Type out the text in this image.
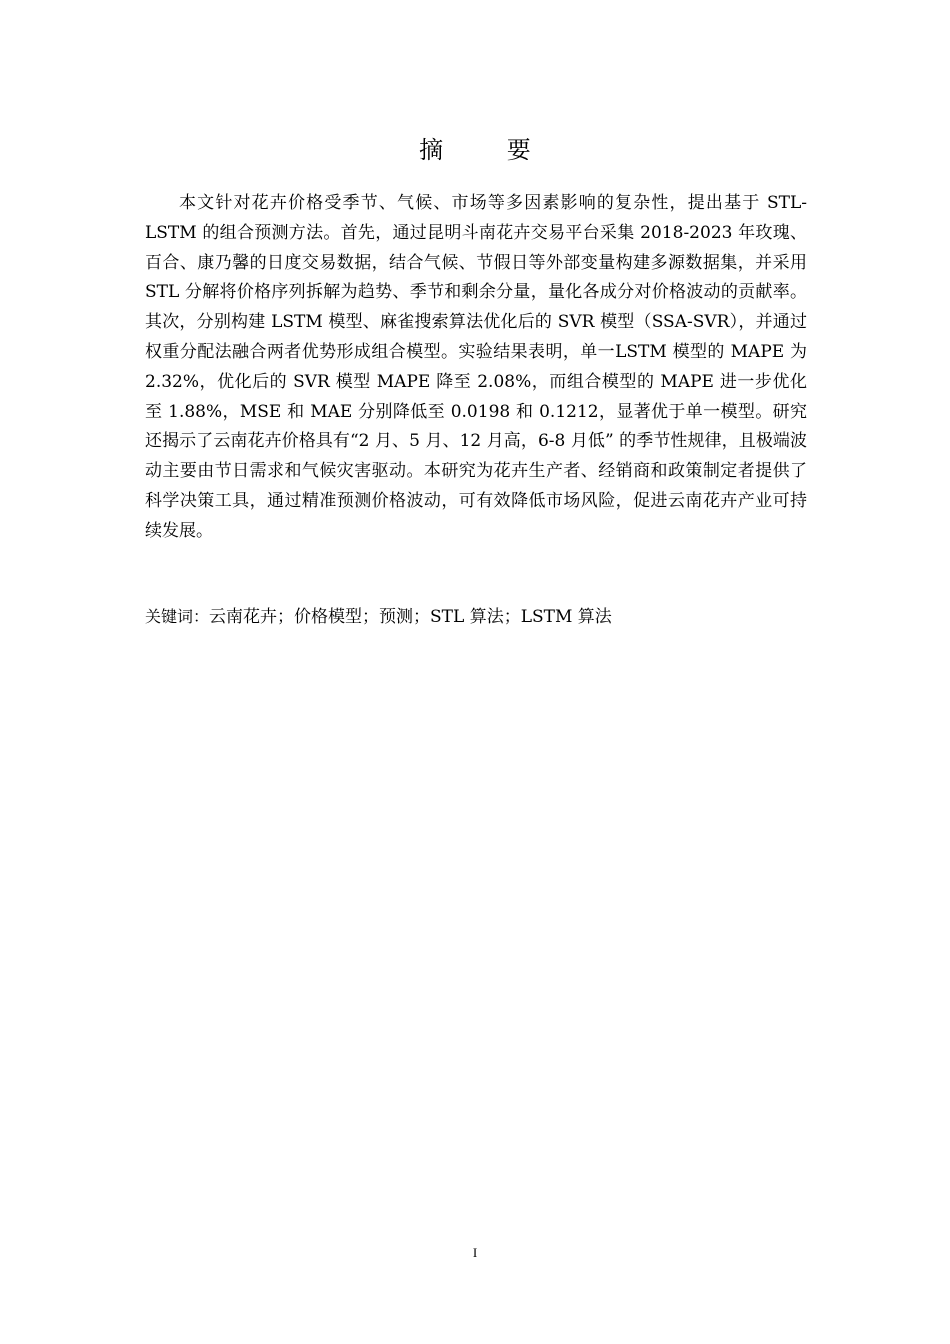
摘 要

本文针对花卉价格受季节、气候、市场等多因素影响的复杂性，提出基于 STL-LSTM 的组合预测方法。首先，通过昆明斗南花卉交易平台采集 2018-2023 年玫瑰、百合、康乃馨的日度交易数据，结合气候、节假日等外部变量构建多源数据集，并采用 STL 分解将价格序列拆解为趋势、季节和剩余分量，量化各成分对价格波动的贡献率。其次，分别构建 LSTM 模型、麻雀搜索算法优化后的 SVR 模型（SSA-SVR），并通过权重分配法融合两者优势形成组合模型。实验结果表明，单一LSTM 模型的 MAPE 为 2.32%，优化后的 SVR 模型 MAPE 降至 2.08%，而组合模型的 MAPE 进一步优化至 1.88%，MSE 和 MAE 分别降低至 0.0198 和 0.1212，显著优于单一模型。研究还揭示了云南花卉价格具有“2 月、5 月、12 月高，6-8 月低” 的季节性规律，且极端波动主要由节日需求和气候灾害驱动。本研究为花卉生产者、经销商和政策制定者提供了科学决策工具，通过精准预测价格波动，可有效降低市场风险，促进云南花卉产业可持续发展。

关键词：云南花卉；价格模型；预测；STL 算法；LSTM 算法

I
